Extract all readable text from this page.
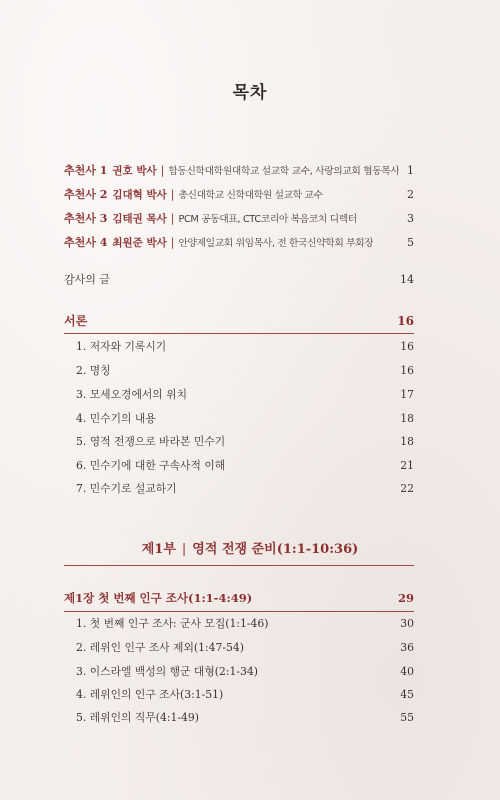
목차
추천사 1 권호 박사 | 합동신학대학원대학교 설교학 교수, 사랑의교회 협동목사 1
추천사 2 김대혁 박사 | 총신대학교 신학대학원 설교학 교수	2
추천사 3 김태권 목사 | PCM 공동대표, CTC코리아 복음코치 디렉터	3
추천사 4 최원준 박사 | 안양제일교회 위임목사, 전 한국신약학회 부회장	5
감사의 글	14
서론	16
1. 저자와 기록시기	16
2. 명칭	16
3. 모세오경에서의 위치	17
4. 민수기의 내용	18
5. 영적 전쟁으로 바라본 민수기	18
6. 민수기에 대한 구속사적 이해	21
7. 민수기로 설교하기	22
제1부 | 영적 전쟁 준비(1:1-10:36)
제1장 첫 번째 인구 조사(1:1-4:49)	29
1. 첫 번째 인구 조사: 군사 모집(1:1-46)	30
2. 레위인 인구 조사 제외(1:47-54)	36
3. 이스라엘 백성의 행군 대형(2:1-34)	40
4. 레위인의 인구 조사(3:1-51)	45
5. 레위인의 직무(4:1-49)	55
